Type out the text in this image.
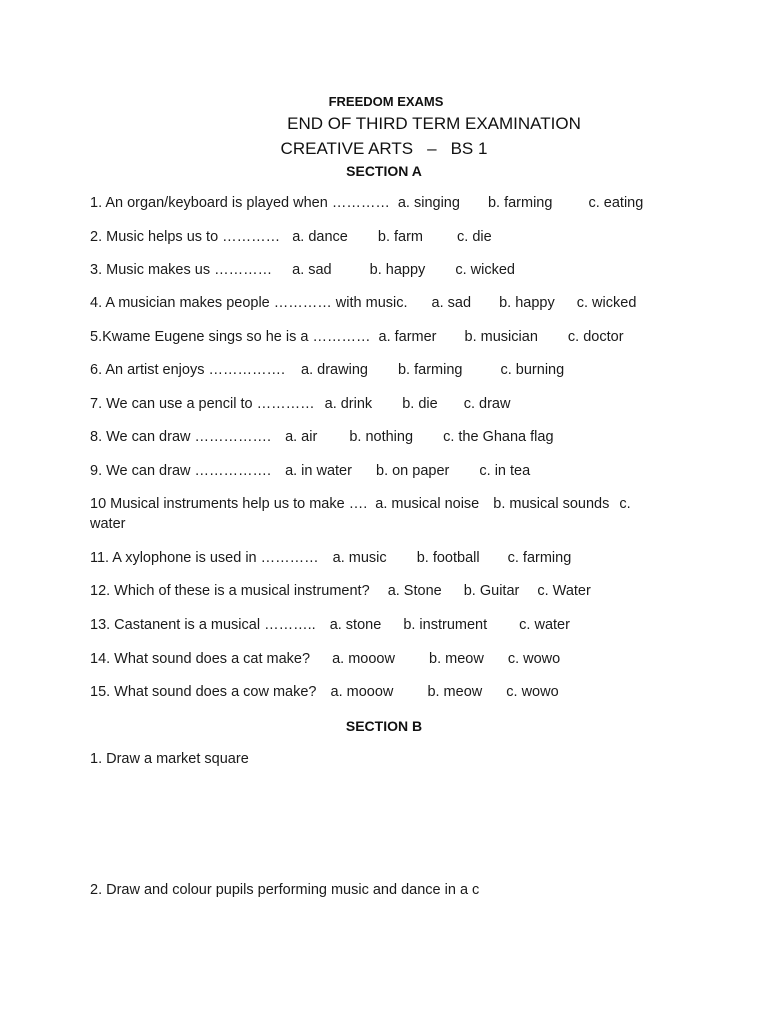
FREEDOM EXAMS
END OF THIRD TERM EXAMINATION
CREATIVE ARTS – BS 1
SECTION A
1. An organ/keyboard is played when ………… a. singing b. farming c. eating
2. Music helps us to ………… a. dance b. farm c. die
3. Music makes us ………… a. sad	b. happy c. wicked
4. A musician makes people ………… with music. a. sad b. happy c. wicked
5.Kwame Eugene sings so he is a ………… a. farmer b. musician c. doctor
6. An artist enjoys ……………. a. drawing b. farming	c. burning
7. We can use a pencil to ………… a. drink b. die c. draw
8. We can draw ……………. a. air b. nothing c. the Ghana flag
9. We can draw ……………. a. in water b. on paper c. in tea
10 Musical instruments help us to make …. a. musical noise b. musical sounds c. water
11. A xylophone is used in ………… a. music b. football c. farming
12. Which of these is a musical instrument? a. Stone b. Guitar c. Water
13. Castanent is a musical ……….. a. stone b. instrument c. water
14. What sound does a cat make? a. mooow b. meow c. wowo
15. What sound does a cow make? a. mooow b. meow c. wowo
SECTION B
1. Draw a market square
2. Draw and colour pupils performing music and dance in a c
